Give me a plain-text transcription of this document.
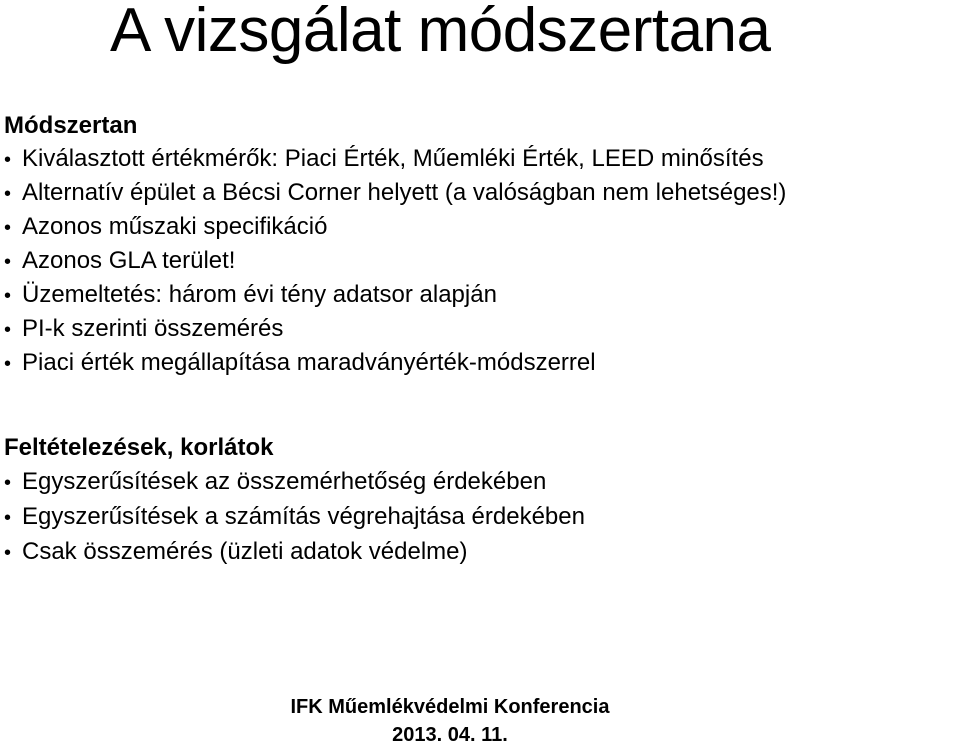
A vizsgálat módszertana
Módszertan
• Kiválasztott értékmérők: Piaci Érték, Műemléki Érték, LEED minősítés
• Alternatív épület a Bécsi Corner helyett (a valóságban nem lehetséges!)
• Azonos műszaki specifikáció
• Azonos GLA terület!
• Üzemeltetés: három évi tény adatsor alapján
• PI-k szerinti összemérés
• Piaci érték megállapítása maradványérték-módszerrel
Feltételezések, korlátok
• Egyszerűsítések az összemérhetőség érdekében
• Egyszerűsítések a számítás végrehajtása érdekében
• Csak összemérés (üzleti adatok védelme)
IFK Műemlékvédelmi Konferencia
2013. 04. 11.
